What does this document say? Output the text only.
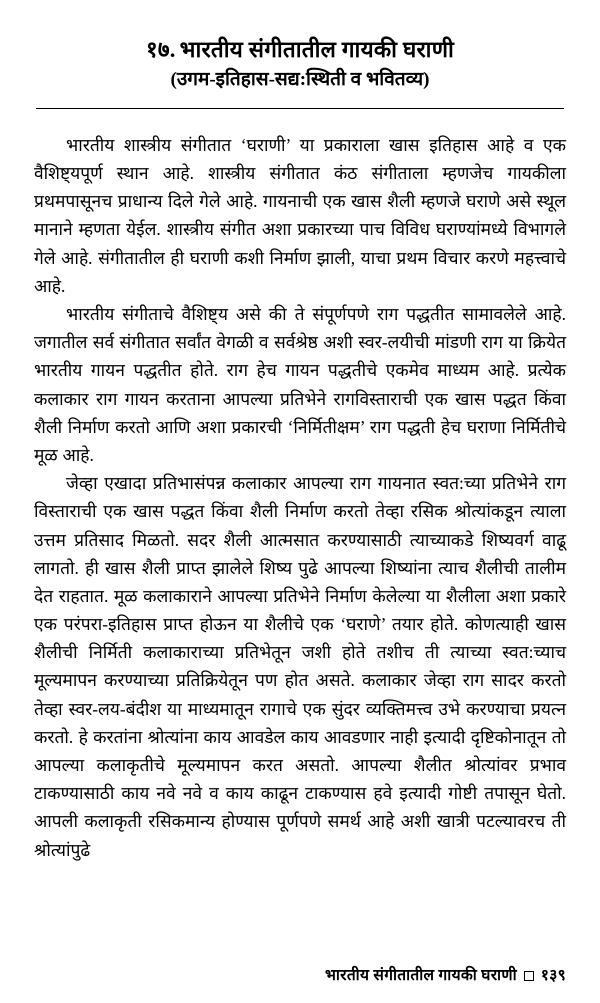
१७. भारतीय संगीतातील गायकी घराणी
(उगम-इतिहास-सद्य:स्थिती व भवितव्य)

भारतीय शास्त्रीय संगीतात ‘घराणी’ या प्रकाराला खास इतिहास आहे व एक वैशिष्ट्यपूर्ण स्थान आहे. शास्त्रीय संगीतात कंठ संगीताला म्हणजेच गायकीला प्रथमपासूनच प्राधान्य दिले गेले आहे. गायनाची एक खास शैली म्हणजे घराणे असे स्थूल मानाने म्हणता येईल. शास्त्रीय संगीत अशा प्रकारच्या पाच विविध घराण्यांमध्ये विभागले गेले आहे. संगीतातील ही घराणी कशी निर्माण झाली, याचा प्रथम विचार करणे महत्त्वाचे आहे.

भारतीय संगीताचे वैशिष्ट्य असे की ते संपूर्णपणे राग पद्धतीत सामावलेले आहे. जगातील सर्व संगीतात सर्वांत वेगळी व सर्वश्रेष्ठ अशी स्वर-लयीची मांडणी राग या क्रियेत भारतीय गायन पद्धतीत होते. राग हेच गायन पद्धतीचे एकमेव माध्यम आहे. प्रत्येक कलाकार राग गायन करताना आपल्या प्रतिभेने रागविस्ताराची एक खास पद्धत किंवा शैली निर्माण करतो आणि अशा प्रकारची ‘निर्मितीक्षम’ राग पद्धती हेच घराणा निर्मितीचे मूळ आहे.

जेव्हा एखादा प्रतिभासंपन्न कलाकार आपल्या राग गायनात स्वत:च्या प्रतिभेने राग विस्ताराची एक खास पद्धत किंवा शैली निर्माण करतो तेव्हा रसिक श्रोत्यांकडून त्याला उत्तम प्रतिसाद मिळतो. सदर शैली आत्मसात करण्यासाठी त्याच्याकडे शिष्यवर्ग वाढू लागतो. ही खास शैली प्राप्त झालेले शिष्य पुढे आपल्या शिष्यांना त्याच शैलीची तालीम देत राहतात. मूळ कलाकाराने आपल्या प्रतिभेने निर्माण केलेल्या या शैलीला अशा प्रकारे एक परंपरा-इतिहास प्राप्त होऊन या शैलीचे एक ‘घराणे’ तयार होते. कोणत्याही खास शैलीची निर्मिती कलाकाराच्या प्रतिभेतून जशी होते तशीच ती त्याच्या स्वत:च्याच मूल्यमापन करण्याच्या प्रतिक्रियेतून पण होत असते. कलाकार जेव्हा राग सादर करतो तेव्हा स्वर-लय-बंदीश या माध्यमातून रागाचे एक सुंदर व्यक्तिमत्त्व उभे करण्याचा प्रयत्न करतो. हे करतांना श्रोत्यांना काय आवडेल काय आवडणार नाही इत्यादी दृष्टिकोनातून तो आपल्या कलाकृतीचे मूल्यमापन करत असतो. आपल्या शैलीत श्रोत्यांवर प्रभाव टाकण्यासाठी काय नवे नवे व काय काढून टाकण्यास हवे इत्यादी गोष्टी तपासून घेतो. आपली कलाकृती रसिकमान्य होण्यास पूर्णपणे समर्थ आहे अशी खात्री पटल्यावरच ती श्रोत्यांपुढे

भारतीय संगीतातील गायकी घराणी १३९
